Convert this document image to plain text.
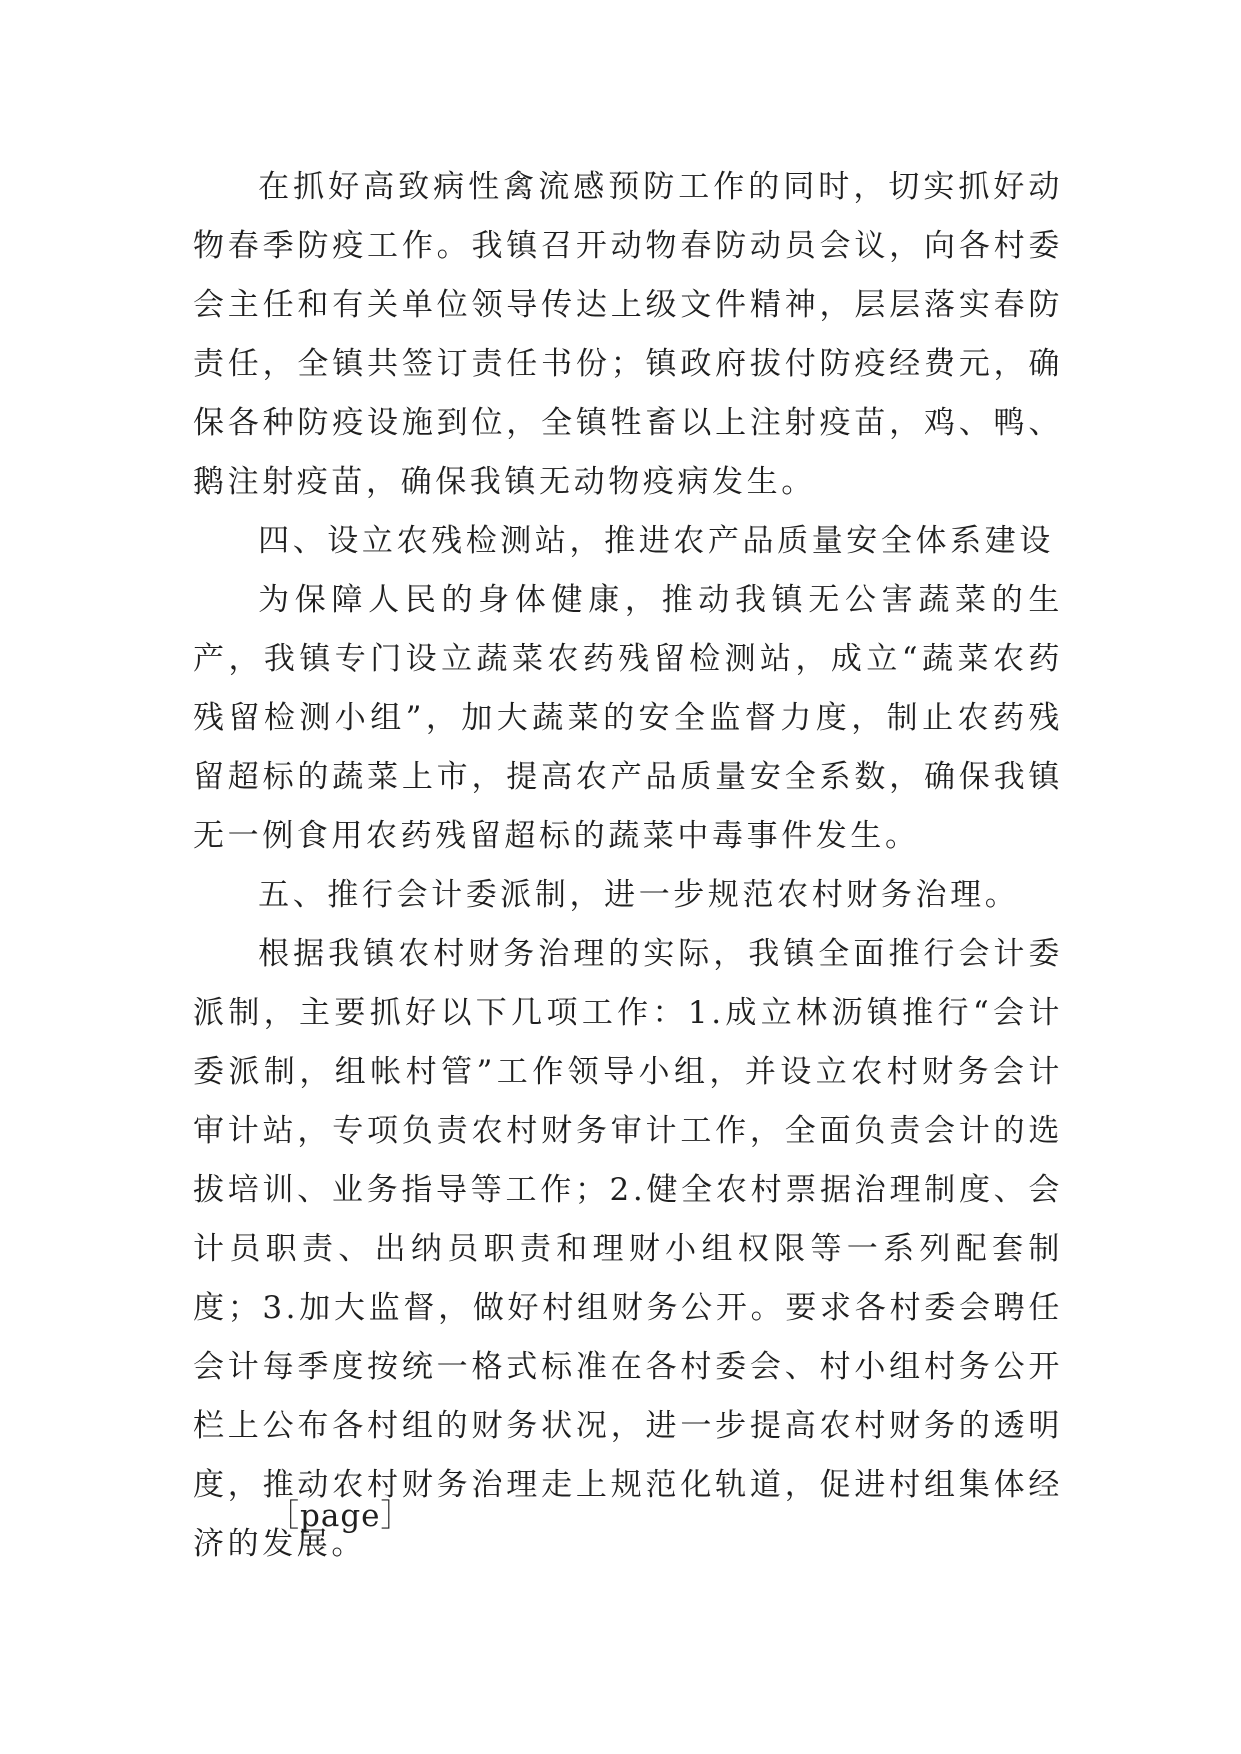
在抓好高致病性禽流感预防工作的同时，切实抓好动物春季防疫工作。我镇召开动物春防动员会议，向各村委会主任和有关单位领导传达上级文件精神，层层落实春防责任，全镇共签订责任书份；镇政府拔付防疫经费元，确保各种防疫设施到位，全镇牲畜以上注射疫苗，鸡、鸭、鹅注射疫苗，确保我镇无动物疫病发生。

四、设立农残检测站，推进农产品质量安全体系建设

为保障人民的身体健康，推动我镇无公害蔬菜的生产，我镇专门设立蔬菜农药残留检测站，成立“蔬菜农药残留检测小组”，加大蔬菜的安全监督力度，制止农药残留超标的蔬菜上市，提高农产品质量安全系数，确保我镇无一例食用农药残留超标的蔬菜中毒事件发生。

五、推行会计委派制，进一步规范农村财务治理。

根据我镇农村财务治理的实际，我镇全面推行会计委派制，主要抓好以下几项工作：1.成立林沥镇推行“会计委派制，组帐村管”工作领导小组，并设立农村财务会计审计站，专项负责农村财务审计工作，全面负责会计的选拔培训、业务指导等工作；2.健全农村票据治理制度、会计员职责、出纳员职责和理财小组权限等一系列配套制度；3.加大监督，做好村组财务公开。要求各村委会聘任会计每季度按统一格式标准在各村委会、村小组村务公开栏上公布各村组的财务状况，进一步提高农村财务的透明度，推动农村财务治理走上规范化轨道，促进村组集体经济的发展。

［page］
